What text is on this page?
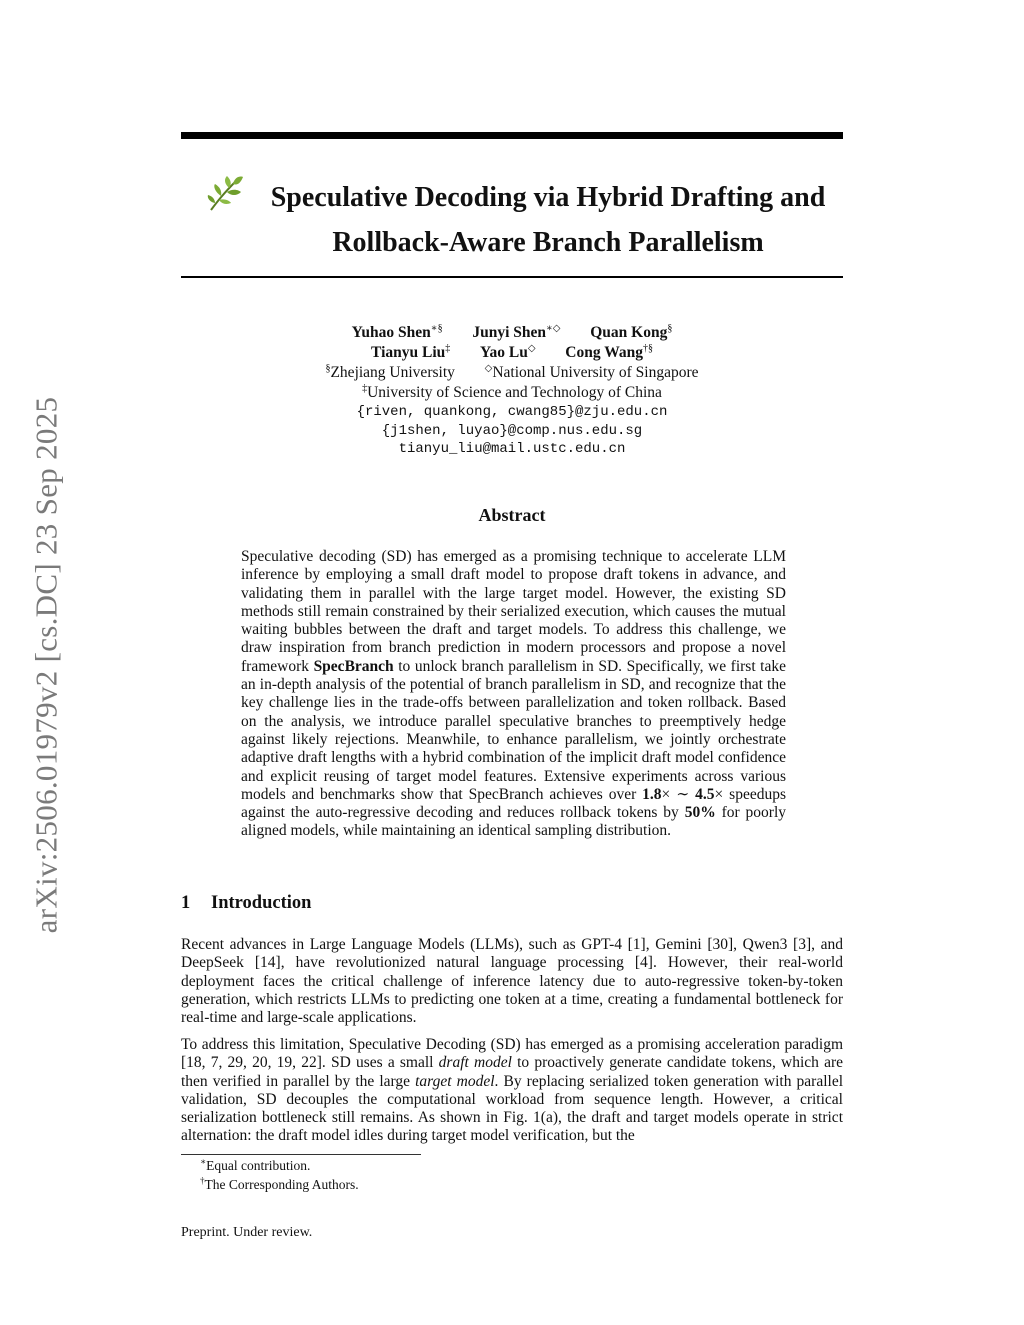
arXiv:2506.01979v2 [cs.DC] 23 Sep 2025
Speculative Decoding via Hybrid Drafting and
Rollback-Aware Branch Parallelism
Yuhao Shen∗§ Junyi Shen∗◇ Quan Kong§
Tianyu Liu‡ Yao Lu◇ Cong Wang†§
§Zhejiang University	◇National University of Singapore
‡University of Science and Technology of China
{riven, quankong, cwang85}@zju.edu.cn
{j1shen, luyao}@comp.nus.edu.sg
tianyu_liu@mail.ustc.edu.cn
Abstract

Speculative decoding (SD) has emerged as a promising technique to accelerate LLM inference by employing a small draft model to propose draft tokens in advance, and validating them in parallel with the large target model. However, the existing SD methods still remain constrained by their serialized execution, which causes the mutual waiting bubbles between the draft and target models. To address this challenge, we draw inspiration from branch prediction in modern processors and propose a novel framework SpecBranch to unlock branch parallelism in SD. Specifically, we first take an in-depth analysis of the potential of branch parallelism in SD, and recognize that the key challenge lies in the trade-offs between parallelization and token rollback. Based on the analysis, we introduce parallel speculative branches to preemptively hedge against likely rejections. Meanwhile, to enhance parallelism, we jointly orchestrate adaptive draft lengths with a hybrid combination of the implicit draft model confidence and explicit reusing of target model features. Extensive experiments across various models and benchmarks show that SpecBranch achieves over 1.8× ∼ 4.5× speedups against the auto-regressive decoding and reduces rollback tokens by 50% for poorly aligned models, while maintaining an identical sampling distribution.

1 Introduction

Recent advances in Large Language Models (LLMs), such as GPT-4 [1], Gemini [30], Qwen3 [3], and DeepSeek [14], have revolutionized natural language processing [4]. However, their real-world deployment faces the critical challenge of inference latency due to auto-regressive token-by-token generation, which restricts LLMs to predicting one token at a time, creating a fundamental bottleneck for real-time and large-scale applications.

To address this limitation, Speculative Decoding (SD) has emerged as a promising acceleration paradigm [18, 7, 29, 20, 19, 22]. SD uses a small draft model to proactively generate candidate tokens, which are then verified in parallel by the large target model. By replacing serialized token generation with parallel validation, SD decouples the computational workload from sequence length. However, a critical serialization bottleneck still remains. As shown in Fig. 1(a), the draft and target models operate in strict alternation: the draft model idles during target model verification, but the

∗Equal contribution.

†The Corresponding Authors.

Preprint. Under review.
